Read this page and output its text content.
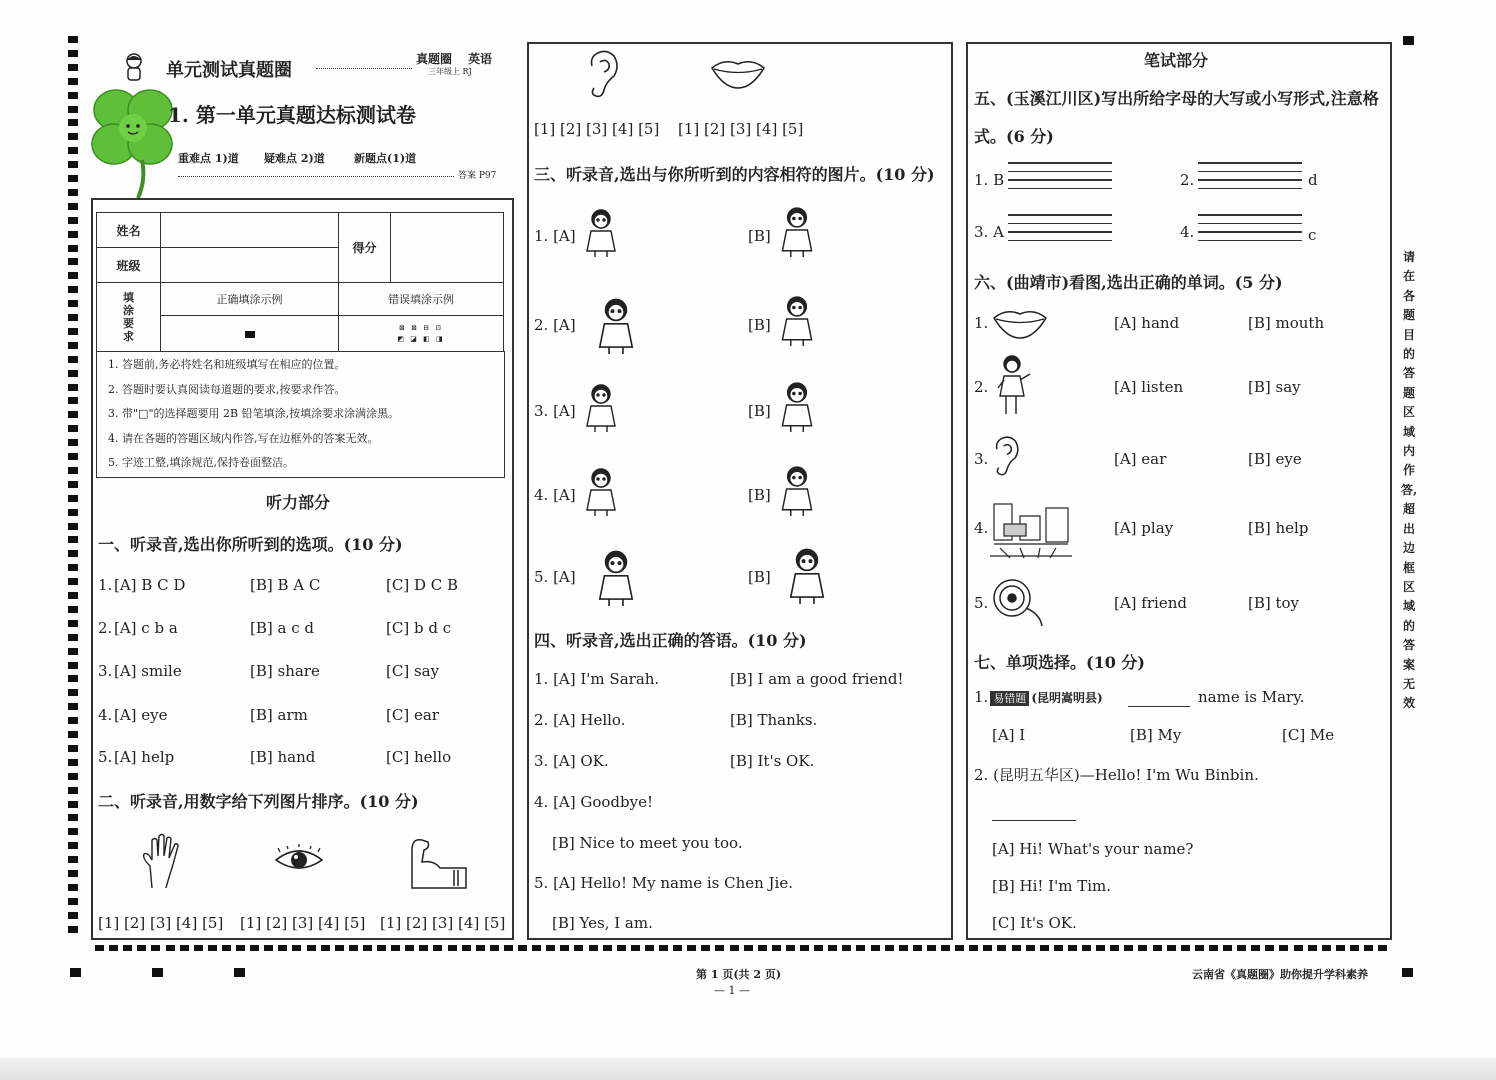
单元测试真题圈
真题圈 英语
三年级上 RJ
1. 第一单元真题达标测试卷
重难点 1)道 疑难点 2)道	新题点(1)道
答案 P97
姓名		得分	
班级			
填涂要求	正确填涂示例	错误填涂示例	
		⊠ ⊠ ⊟ ⊡
◩ ◪ ◧ ◨	
1. 答题前,务必将姓名和班级填写在相应的位置。
2. 答题时要认真阅读每道题的要求,按要求作答。
3. 带"□"的选择题要用 2B 铅笔填涂,按填涂要求涂满涂黑。
4. 请在各题的答题区域内作答,写在边框外的答案无效。
5. 字迹工整,填涂规范,保持卷面整洁。
听力部分
一、听录音,选出你所听到的选项。(10 分)
二、听录音,用数字给下列图片排序。(10 分)
[1] [2] [3] [4] [5] [1] [2] [3] [4] [5] [1] [2] [3] [4] [5]
[1] [2] [3] [4] [5] [1] [2] [3] [4] [5]
三、听录音,选出与你所听到的内容相符的图片。(10 分)
四、听录音,选出正确的答语。(10 分)
4. [A] Goodbye!
[B] Nice to meet you too.
5. [A] Hello! My name is Chen Jie.
[B] Yes, I am.
笔试部分
五、(玉溪江川区)写出所给字母的大写或小写形式,注意格
式。(6 分)
1. B	2.	d
3. A	4.	c
六、(曲靖市)看图,选出正确的单词。(5 分)
七、单项选择。(10 分)
1. 易错题 (昆明嵩明县)	name is Mary.
[A] I	[B] My	[C] Me
2. (昆明五华区)—Hello! I'm Wu Binbin.
[A] Hi! What's your name?
[B] Hi! I'm Tim.
[C] It's OK.
请在各题目的答题区域内作答,超出边框区域的答案无效
第 1 页(共 2 页)
— 1 —
云南省《真题圈》助你提升学科素养
1. [A] B C D	[B] B A C	[C] D C B
2. [A] c b a	[B] a c d	[C] b d c
3. [A] smile	[B] share	[C] say
4. [A] eye	[B] arm	[C] ear
5. [A] help	[B] hand	[C] hello
1. [A]	[B]
2. [A]	[B]
3. [A]	[B]
4. [A]	[B]
5. [A]	[B]
1. [A] I'm Sarah.	[B] I am a good friend!
2. [A] Hello.	[B] Thanks.
3. [A] OK.	[B] It's OK.
1.	[A] hand	[B] mouth
2.	[A] listen	[B] say
3.	[A] ear	[B] eye
4.	[A] play	[B] help
5.	[A] friend	[B] toy
